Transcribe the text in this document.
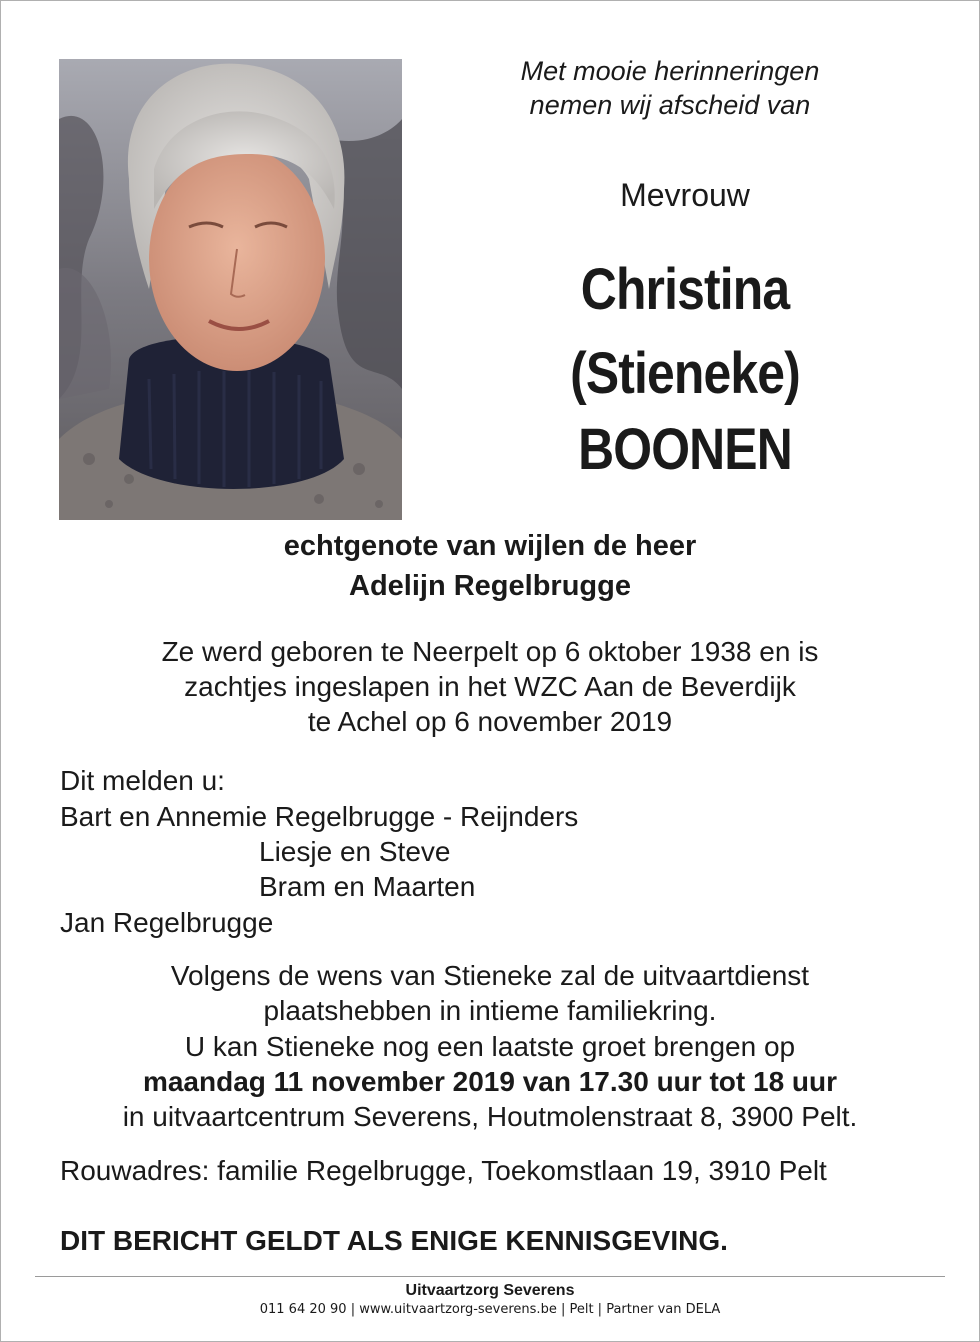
Met mooie herinneringen
nemen wij afscheid van
Mevrouw
Christina
(Stieneke)
BOONEN
echtgenote van wijlen de heer
Adelijn Regelbrugge
Ze werd geboren te Neerpelt op 6 oktober 1938 en is
zachtjes ingeslapen in het WZC Aan de Beverdijk
te Achel op 6 november 2019
Dit melden u:
Bart en Annemie Regelbrugge - Reijnders
Liesje en Steve
Bram en Maarten
Jan Regelbrugge
Volgens de wens van Stieneke zal de uitvaartdienst
plaatshebben in intieme familiekring.
U kan Stieneke nog een laatste groet brengen op
maandag 11 november 2019 van 17.30 uur tot 18 uur
in uitvaartcentrum Severens, Houtmolenstraat 8, 3900 Pelt.
Rouwadres: familie Regelbrugge, Toekomstlaan 19, 3910 Pelt
DIT BERICHT GELDT ALS ENIGE KENNISGEVING.
Uitvaartzorg Severens
011 64 20 90 | www.uitvaartzorg-severens.be | Pelt | Partner van DELA
